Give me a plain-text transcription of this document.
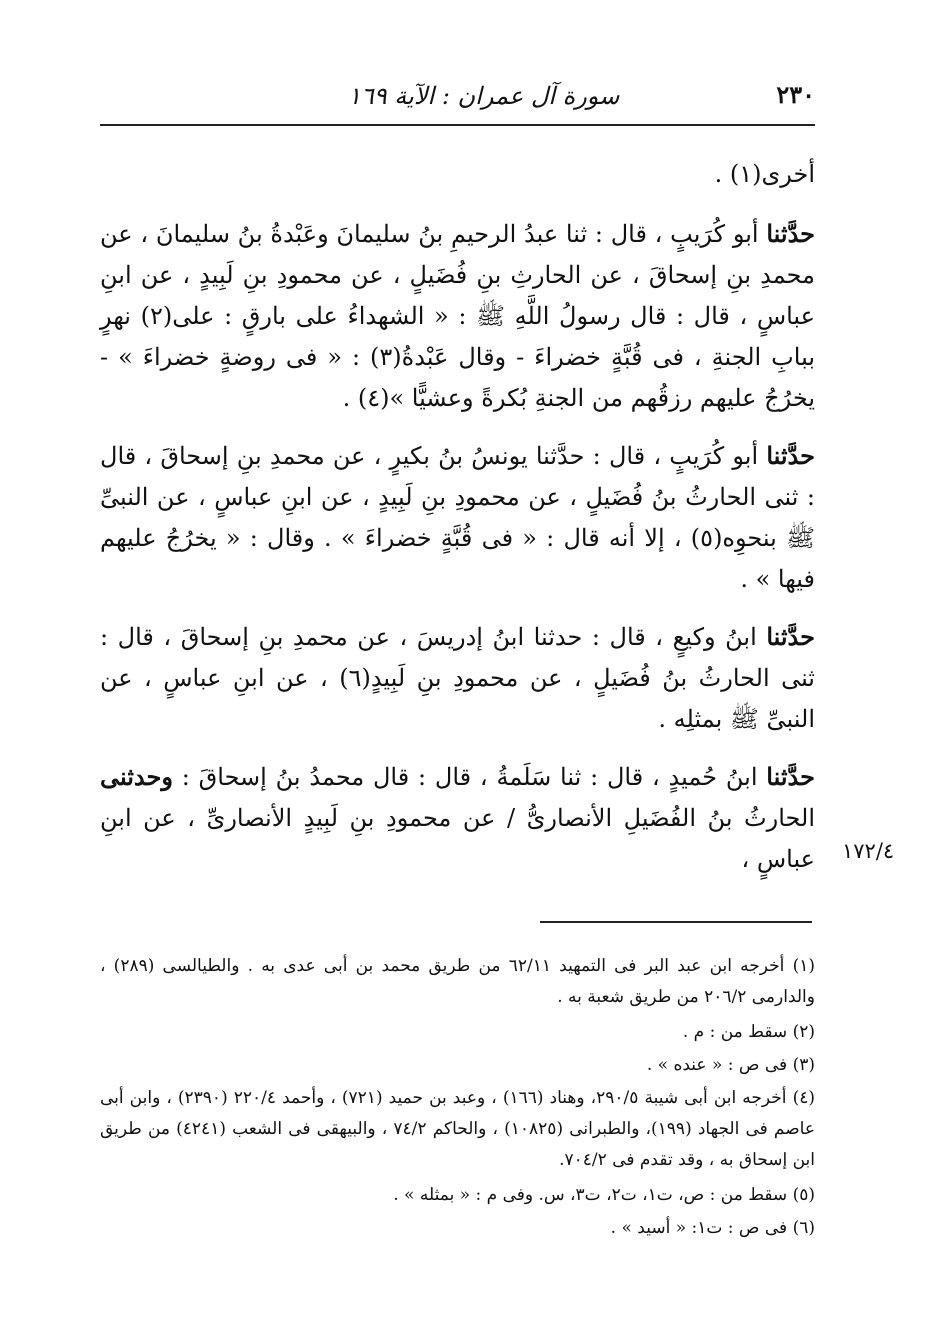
٢٣٠
سورة آل عمران : الآية ١٦٩

أخرى(١) .

حدَّثنا أبو كُرَيبٍ ، قال : ثنا عبدُ الرحيمِ بنُ سليمانَ وعَبْدةُ بنُ سليمانَ ، عن محمدِ بنِ إسحاقَ ، عن الحارثِ بنِ فُضَيلٍ ، عن محمودِ بنِ لَبِيدٍ ، عن ابنِ عباسٍ ، قال : قال رسولُ اللَّهِ ﷺ : « الشهداءُ على بارقٍ : على(٢) نهرٍ ببابِ الجنةِ ، فى قُبَّةٍ خضراءَ - وقال عَبْدةُ(٣) : « فى روضةٍ خضراءَ » - يخرُجُ عليهم رزقُهم من الجنةِ بُكرةً وعشيًّا »(٤) .

حدَّثنا أبو كُرَيبٍ ، قال : حدَّثنا يونسُ بنُ بكيرٍ ، عن محمدِ بنِ إسحاقَ ، قال : ثنى الحارثُ بنُ فُضَيلٍ ، عن محمودِ بنِ لَبِيدٍ ، عن ابنِ عباسٍ ، عن النبىِّ ﷺ بنحوِه(٥) ، إلا أنه قال : « فى قُبَّةٍ خضراءَ » . وقال : « يخرُجُ عليهم فيها » .

حدَّثنا ابنُ وكيعٍ ، قال : حدثنا ابنُ إدريسَ ، عن محمدِ بنِ إسحاقَ ، قال : ثنى الحارثُ بنُ فُضَيلٍ ، عن محمودِ بنِ لَبِيدٍ(٦) ، عن ابنِ عباسٍ ، عن النبىِّ ﷺ بمثلِه .

حدَّثنا ابنُ حُميدٍ ، قال : ثنا سَلَمةُ ، قال : قال محمدُ بنُ إسحاقَ : وحدثنى الحارثُ بنُ الفُضَيلِ الأنصارىُّ / عن محمودِ بنِ لَبِيدٍ الأنصارىِّ ، عن ابنِ عباسٍ ، ١٧٢/٤

(١) أخرجه ابن عبد البر فى التمهيد ٦٢/١١ من طريق محمد بن أبى عدى به . والطيالسى (٢٨٩) ، والدارمى ٢٠٦/٢ من طريق شعبة به .

(٢) سقط من : م .

(٣) فى ص : « عنده » .

(٤) أخرجه ابن أبى شيبة ٢٩٠/٥، وهناد (١٦٦) ، وعبد بن حميد (٧٢١) ، وأحمد ٢٢٠/٤ (٢٣٩٠) ، وابن أبى عاصم فى الجهاد (١٩٩)، والطبرانى (١٠٨٢٥) ، والحاكم ٧٤/٢ ، والبيهقى فى الشعب (٤٢٤١) من طريق ابن إسحاق به ، وقد تقدم فى ٧٠٤/٢.

(٥) سقط من : ص، ت١، ت٢، ت٣، س. وفى م : « بمثله » .

(٦) فى ص : ت١: « أسيد » .
